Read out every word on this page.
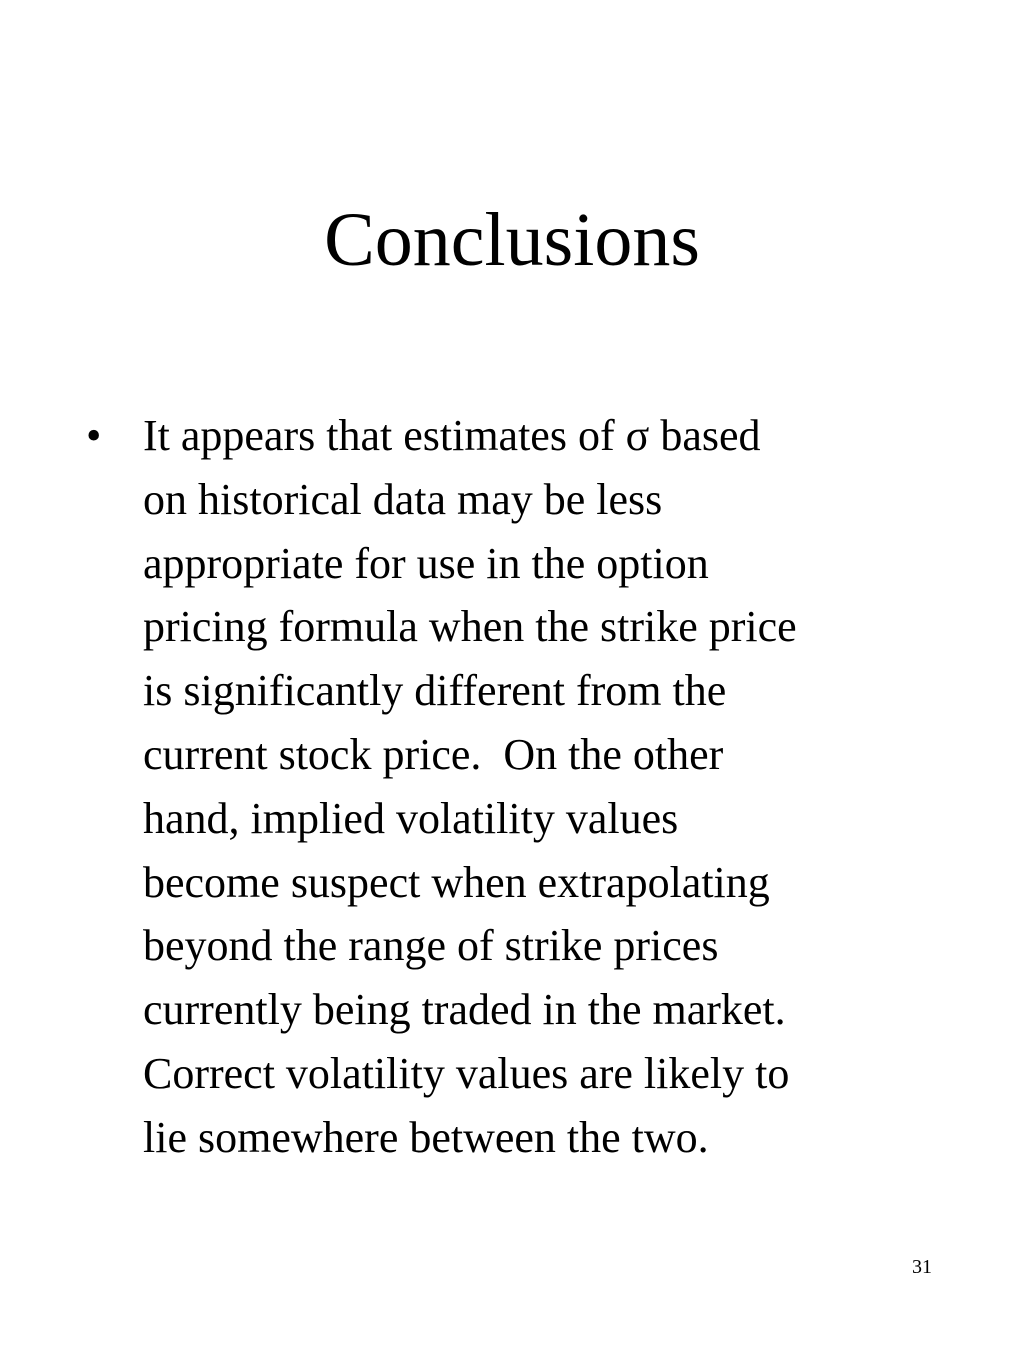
Conclusions
• It appears that estimates of σ based
on historical data may be less
appropriate for use in the option
pricing formula when the strike price
is significantly different from the
current stock price.  On the other
hand, implied volatility values
become suspect when extrapolating
beyond the range of strike prices
currently being traded in the market.
Correct volatility values are likely to
lie somewhere between the two.
31
